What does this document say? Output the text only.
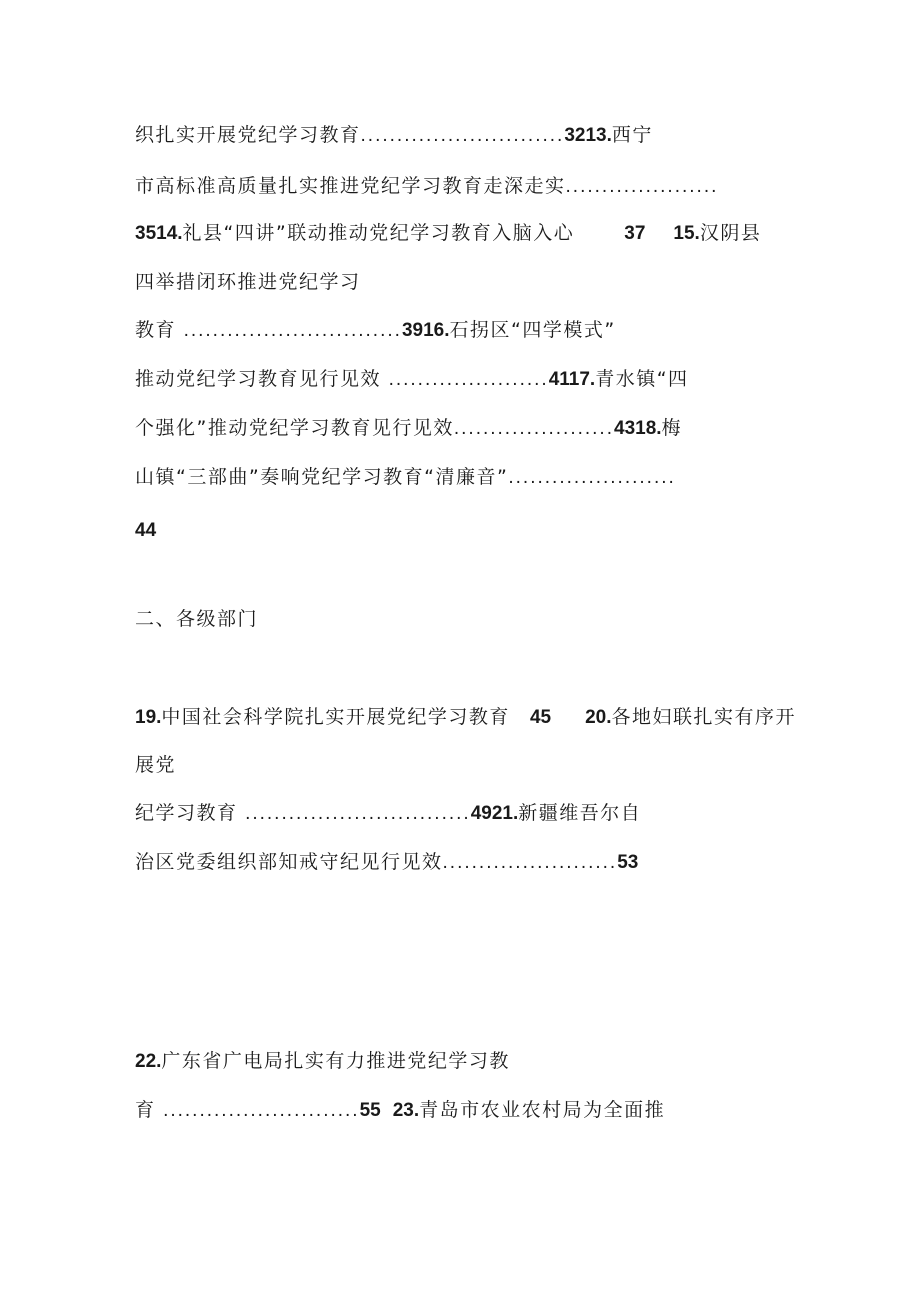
织扎实开展党纪学习教育............................3213.西宁
市高标准高质量扎实推进党纪学习教育走深走实.....................
3514.礼县“四讲”联动推动党纪学习教育入脑入心	37 15.汉阴县
四举措闭环推进党纪学习
教育 ..............................3916.石拐区“四学模式”
推动党纪学习教育见行见效 ......................4117.青水镇“四
个强化”推动党纪学习教育见行见效......................4318.梅
山镇“三部曲”奏响党纪学习教育“清廉音”.......................
44
二、各级部门
19.中国社会科学院扎实开展党纪学习教育 45 20.各地妇联扎实有序开
展党
纪学习教育 ...............................4921.新疆维吾尔自
治区党委组织部知戒守纪见行见效........................53
22.广东省广电局扎实有力推进党纪学习教
育 ...........................55 23.青岛市农业农村局为全面推
